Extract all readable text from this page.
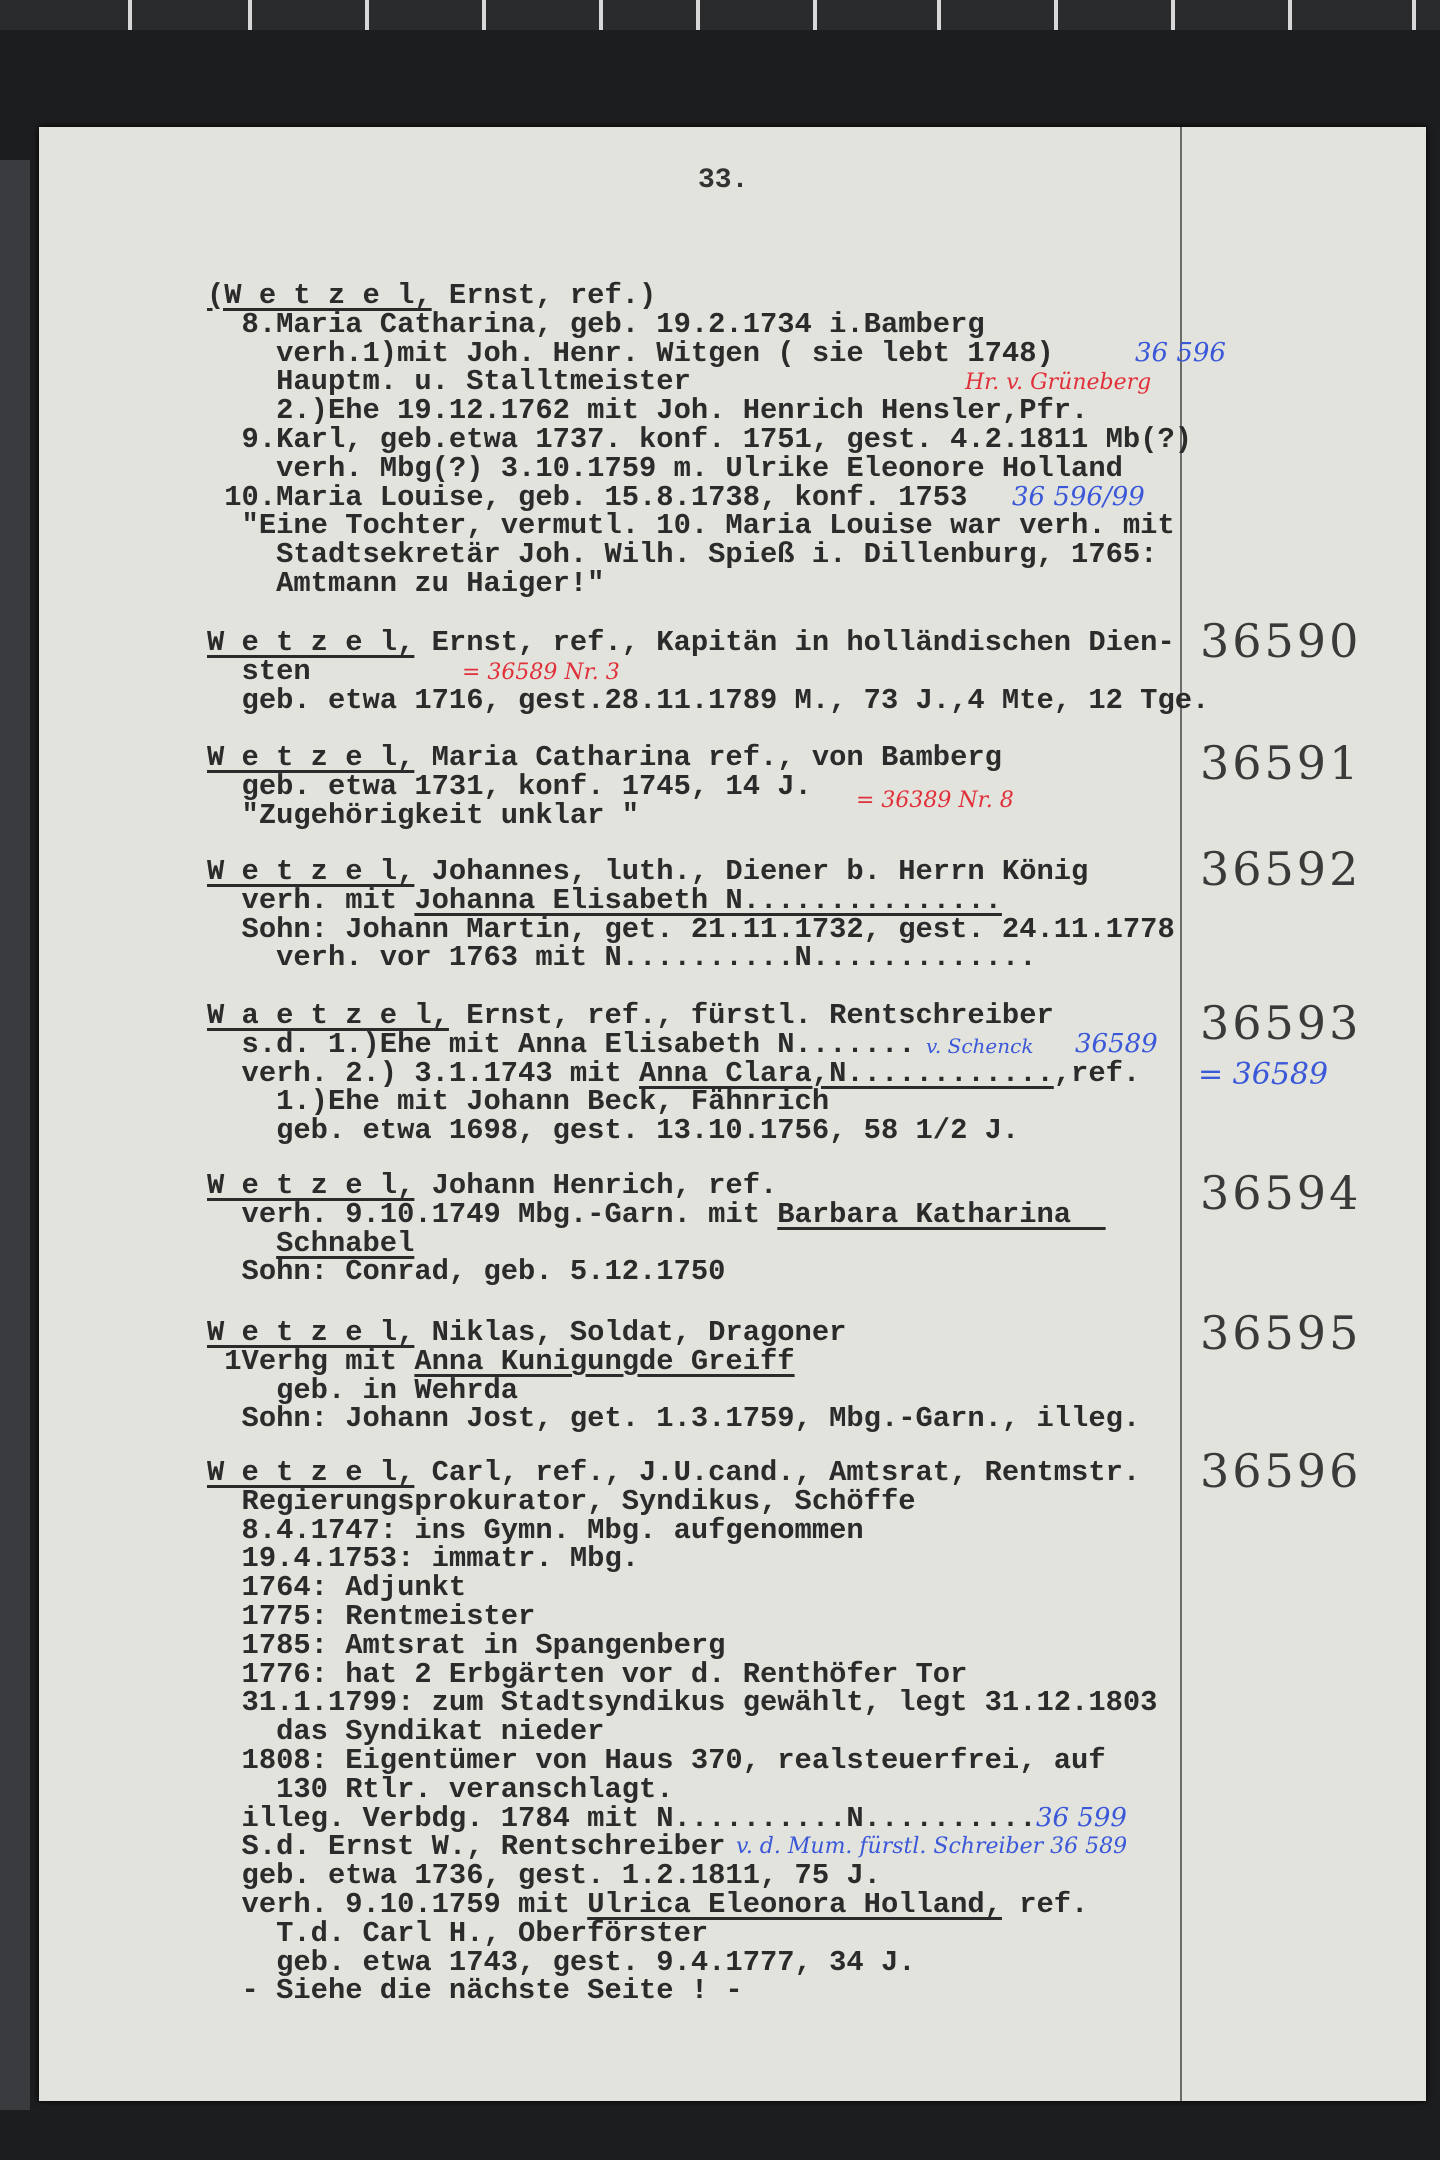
33.
(W e t z e l, Ernst, ref.)
8.Maria Catharina, geb. 19.2.1734 i.Bamberg
verh.1)mit Joh. Henr. Witgen ( sie lebt 1748)
Hauptm. u. Stalltmeister
2.)Ehe 19.12.1762 mit Joh. Henrich Hensler,Pfr.
9.Karl, geb.etwa 1737. konf. 1751, gest. 4.2.1811 Mb(?)
verh. Mbg(?) 3.10.1759 m. Ulrike Eleonore Holland
10.Maria Louise, geb. 15.8.1738, konf. 1753
"Eine Tochter, vermutl. 10. Maria Louise war verh. mit
Stadtsekretär Joh. Wilh. Spieß i. Dillenburg, 1765:
Amtmann zu Haiger!"
W e t z e l, Ernst, ref., Kapitän in holländischen Dien-
sten
geb. etwa 1716, gest.28.11.1789 M., 73 J.,4 Mte, 12 Tge.
36590
W e t z e l, Maria Catharina ref., von Bamberg
geb. etwa 1731, konf. 1745, 14 J.
"Zugehörigkeit unklar "
36591
W e t z e l, Johannes, luth., Diener b. Herrn König
verh. mit Johanna Elisabeth N...............
Sohn: Johann Martin, get. 21.11.1732, gest. 24.11.1778
verh. vor 1763 mit N..........N.............
36592
W a e t z e l, Ernst, ref., fürstl. Rentschreiber
s.d. 1.)Ehe mit Anna Elisabeth N.......
verh. 2.) 3.1.1743 mit Anna Clara,N............,ref.
1.)Ehe mit Johann Beck, Fähnrich
geb. etwa 1698, gest. 13.10.1756, 58 1/2 J.
36593
W e t z e l, Johann Henrich, ref.
verh. 9.10.1749 Mbg.-Garn. mit Barbara Katharina
Schnabel
Sohn: Conrad, geb. 5.12.1750
36594
W e t z e l, Niklas, Soldat, Dragoner
1Verhg mit Anna Kunigungde Greiff
geb. in Wehrda
Sohn: Johann Jost, get. 1.3.1759, Mbg.-Garn., illeg.
36595
W e t z e l, Carl, ref., J.U.cand., Amtsrat, Rentmstr.
Regierungsprokurator, Syndikus, Schöffe
8.4.1747: ins Gymn. Mbg. aufgenommen
19.4.1753: immatr. Mbg.
1764: Adjunkt
1775: Rentmeister
1785: Amtsrat in Spangenberg
1776: hat 2 Erbgärten vor d. Renthöfer Tor
31.1.1799: zum Stadtsyndikus gewählt, legt 31.12.1803
das Syndikat nieder
1808: Eigentümer von Haus 370, realsteuerfrei, auf
130 Rtlr. veranschlagt.
illeg. Verbdg. 1784 mit N..........N..........
S.d. Ernst W., Rentschreiber
geb. etwa 1736, gest. 1.2.1811, 75 J.
verh. 9.10.1759 mit Ulrica Eleonora Holland, ref.
T.d. Carl H., Oberförster
geb. etwa 1743, gest. 9.4.1777, 34 J.
- Siehe die nächste Seite ! -
36596
36 596
Hr. v. Grüneberg
36 596/99
= 36589 Nr. 3
= 36389 Nr. 8
v. Schenck 36589
= 36589
36 599
v. d. Mum. fürstl. Schreiber 36 589
